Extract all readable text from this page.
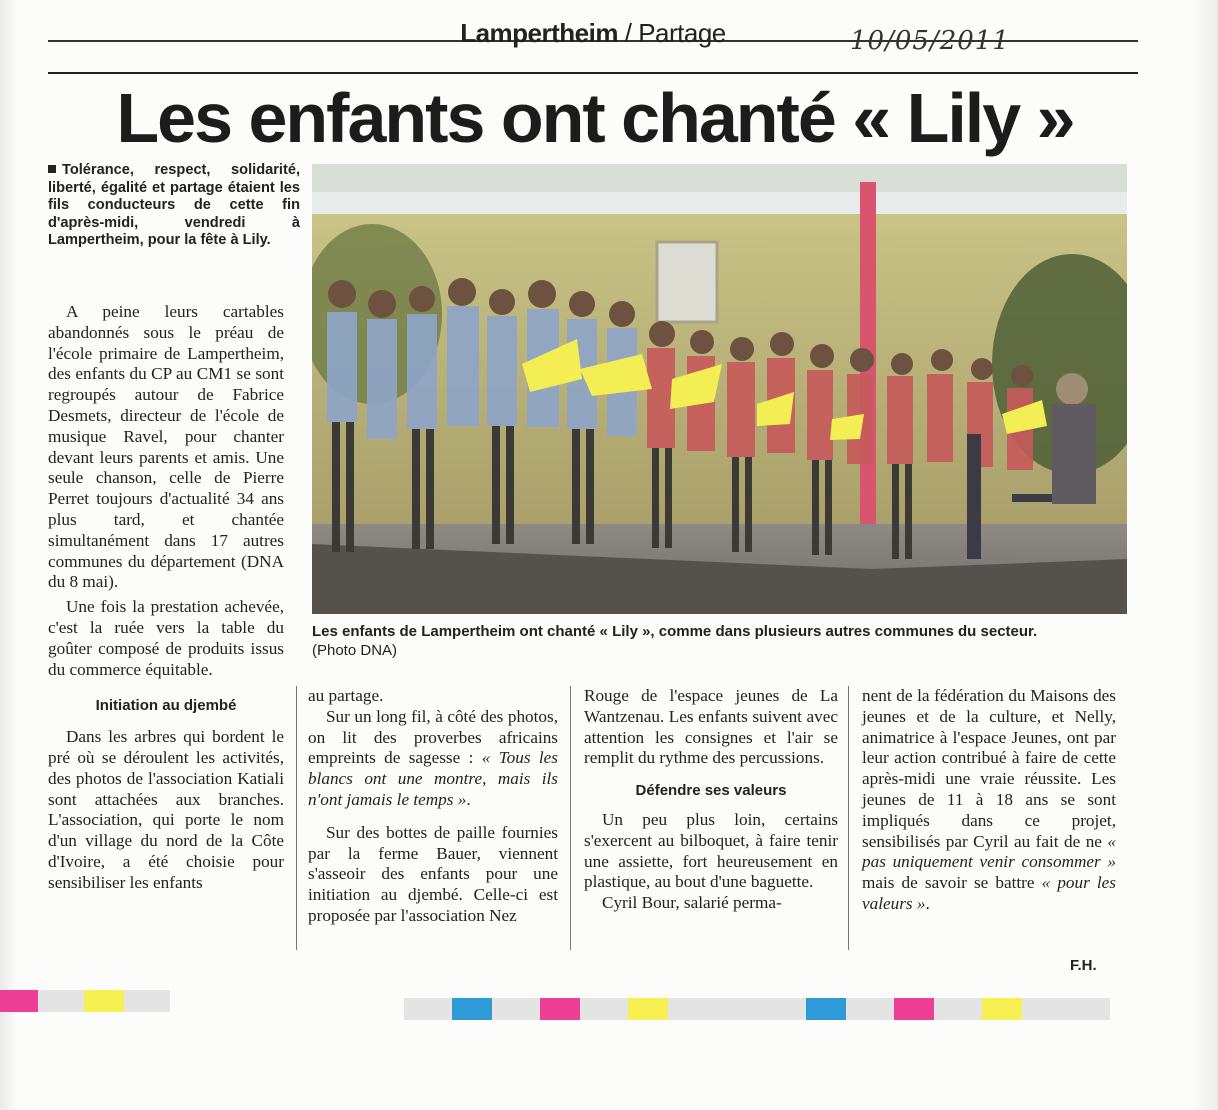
Lampertheim / Partage	10/05/2011
Les enfants ont chanté « Lily »
Tolérance, respect, solidarité, liberté, égalité et partage étaient les fils conducteurs de cette fin d'après-midi, vendredi à Lampertheim, pour la fête à Lily.

A peine leurs cartables abandonnés sous le préau de l'école primaire de Lampertheim, des enfants du CP au CM1 se sont regroupés autour de Fabrice Desmets, directeur de l'école de musique Ravel, pour chanter devant leurs parents et amis. Une seule chanson, celle de Pierre Perret toujours d'actualité 34 ans plus tard, et chantée simultanément dans 17 autres communes du département (DNA du 8 mai).

Une fois la prestation achevée, c'est la ruée vers la table du goûter composé de produits issus du commerce équitable.

Initiation au djembé

Dans les arbres qui bordent le pré où se déroulent les activités, des photos de l'association Katiali sont attachées aux branches. L'association, qui porte le nom d'un village du nord de la Côte d'Ivoire, a été choisie pour sensibiliser les enfants

Les enfants de Lampertheim ont chanté « Lily », comme dans plusieurs autres communes du secteur.
(Photo DNA)

au partage.

Sur un long fil, à côté des photos, on lit des proverbes africains empreints de sagesse : « Tous les blancs ont une montre, mais ils n'ont jamais le temps ».

Sur des bottes de paille fournies par la ferme Bauer, viennent s'asseoir des enfants pour une initiation au djembé. Celle-ci est proposée par l'association Nez

Rouge de l'espace jeunes de La Wantzenau. Les enfants suivent avec attention les consignes et l'air se remplit du rythme des percussions.

Défendre ses valeurs

Un peu plus loin, certains s'exercent au bilboquet, à faire tenir une assiette, fort heureusement en plastique, au bout d'une baguette.

Cyril Bour, salarié perma-

nent de la fédération du Maisons des jeunes et de la culture, et Nelly, animatrice à l'espace Jeunes, ont par leur action contribué à faire de cette après-midi une vraie réussite. Les jeunes de 11 à 18 ans se sont impliqués dans ce projet, sensibilisés par Cyril au fait de ne « pas uniquement venir consommer » mais de savoir se battre « pour les valeurs ».

F.H.
